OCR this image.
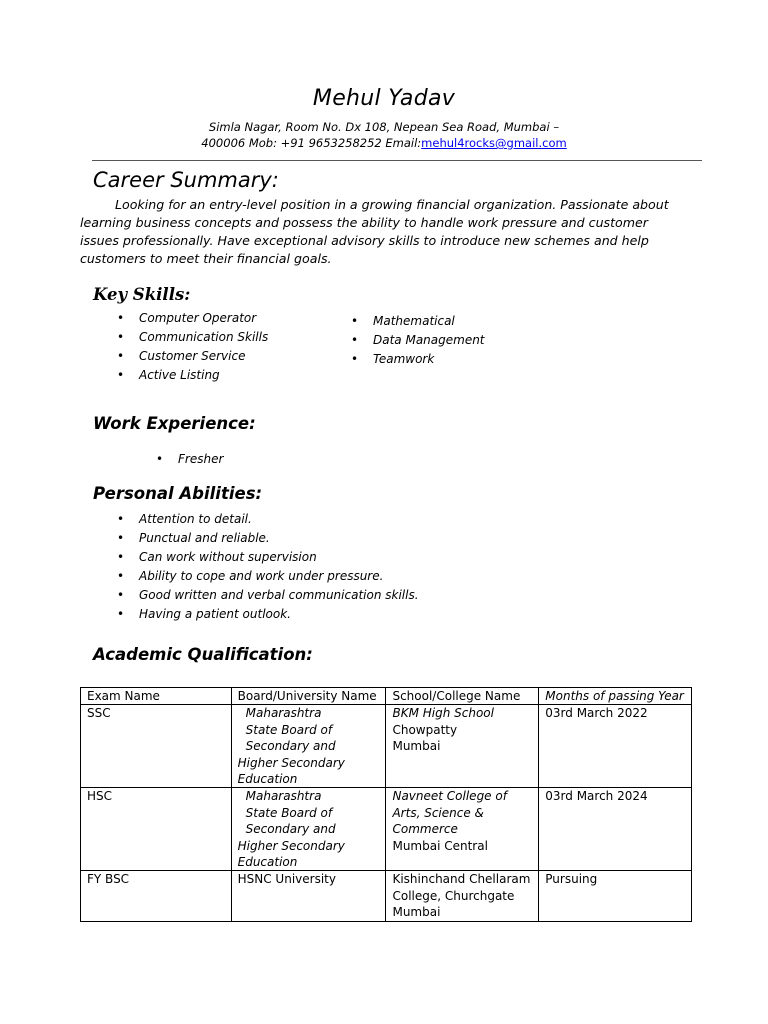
Mehul Yadav
Simla Nagar, Room No. Dx 108, Nepean Sea Road, Mumbai –
400006 Mob: +91 9653258252 Email:mehul4rocks@gmail.com
Career Summary:

Looking for an entry-level position in a growing financial organization. Passionate about learning business concepts and possess the ability to handle work pressure and customer issues professionally. Have exceptional advisory skills to introduce new schemes and help customers to meet their financial goals.

Key Skills:
• Computer Operator
• Communication Skills
• Customer Service
• Active Listing
• Mathematical
• Data Management
• Teamwork
Work Experience:
• Fresher
Personal Abilities:
• Attention to detail.
• Punctual and reliable.
• Can work without supervision
• Ability to cope and work under pressure.
• Good written and verbal communication skills.
• Having a patient outlook.
Academic Qualification:
Exam Name	Board/University Name	School/College Name	Months of passing Year
SSC	Maharashtra
State Board of
Secondary and
Higher Secondary
Education	BKM High School
Chowpatty
Mumbai	03rd March 2022
HSC	Maharashtra
State Board of
Secondary and
Higher Secondary
Education	Navneet College of
Arts, Science &
Commerce
Mumbai Central	03rd March 2024
FY BSC	HSNC University	Kishinchand Chellaram
College, Churchgate
Mumbai	Pursuing
